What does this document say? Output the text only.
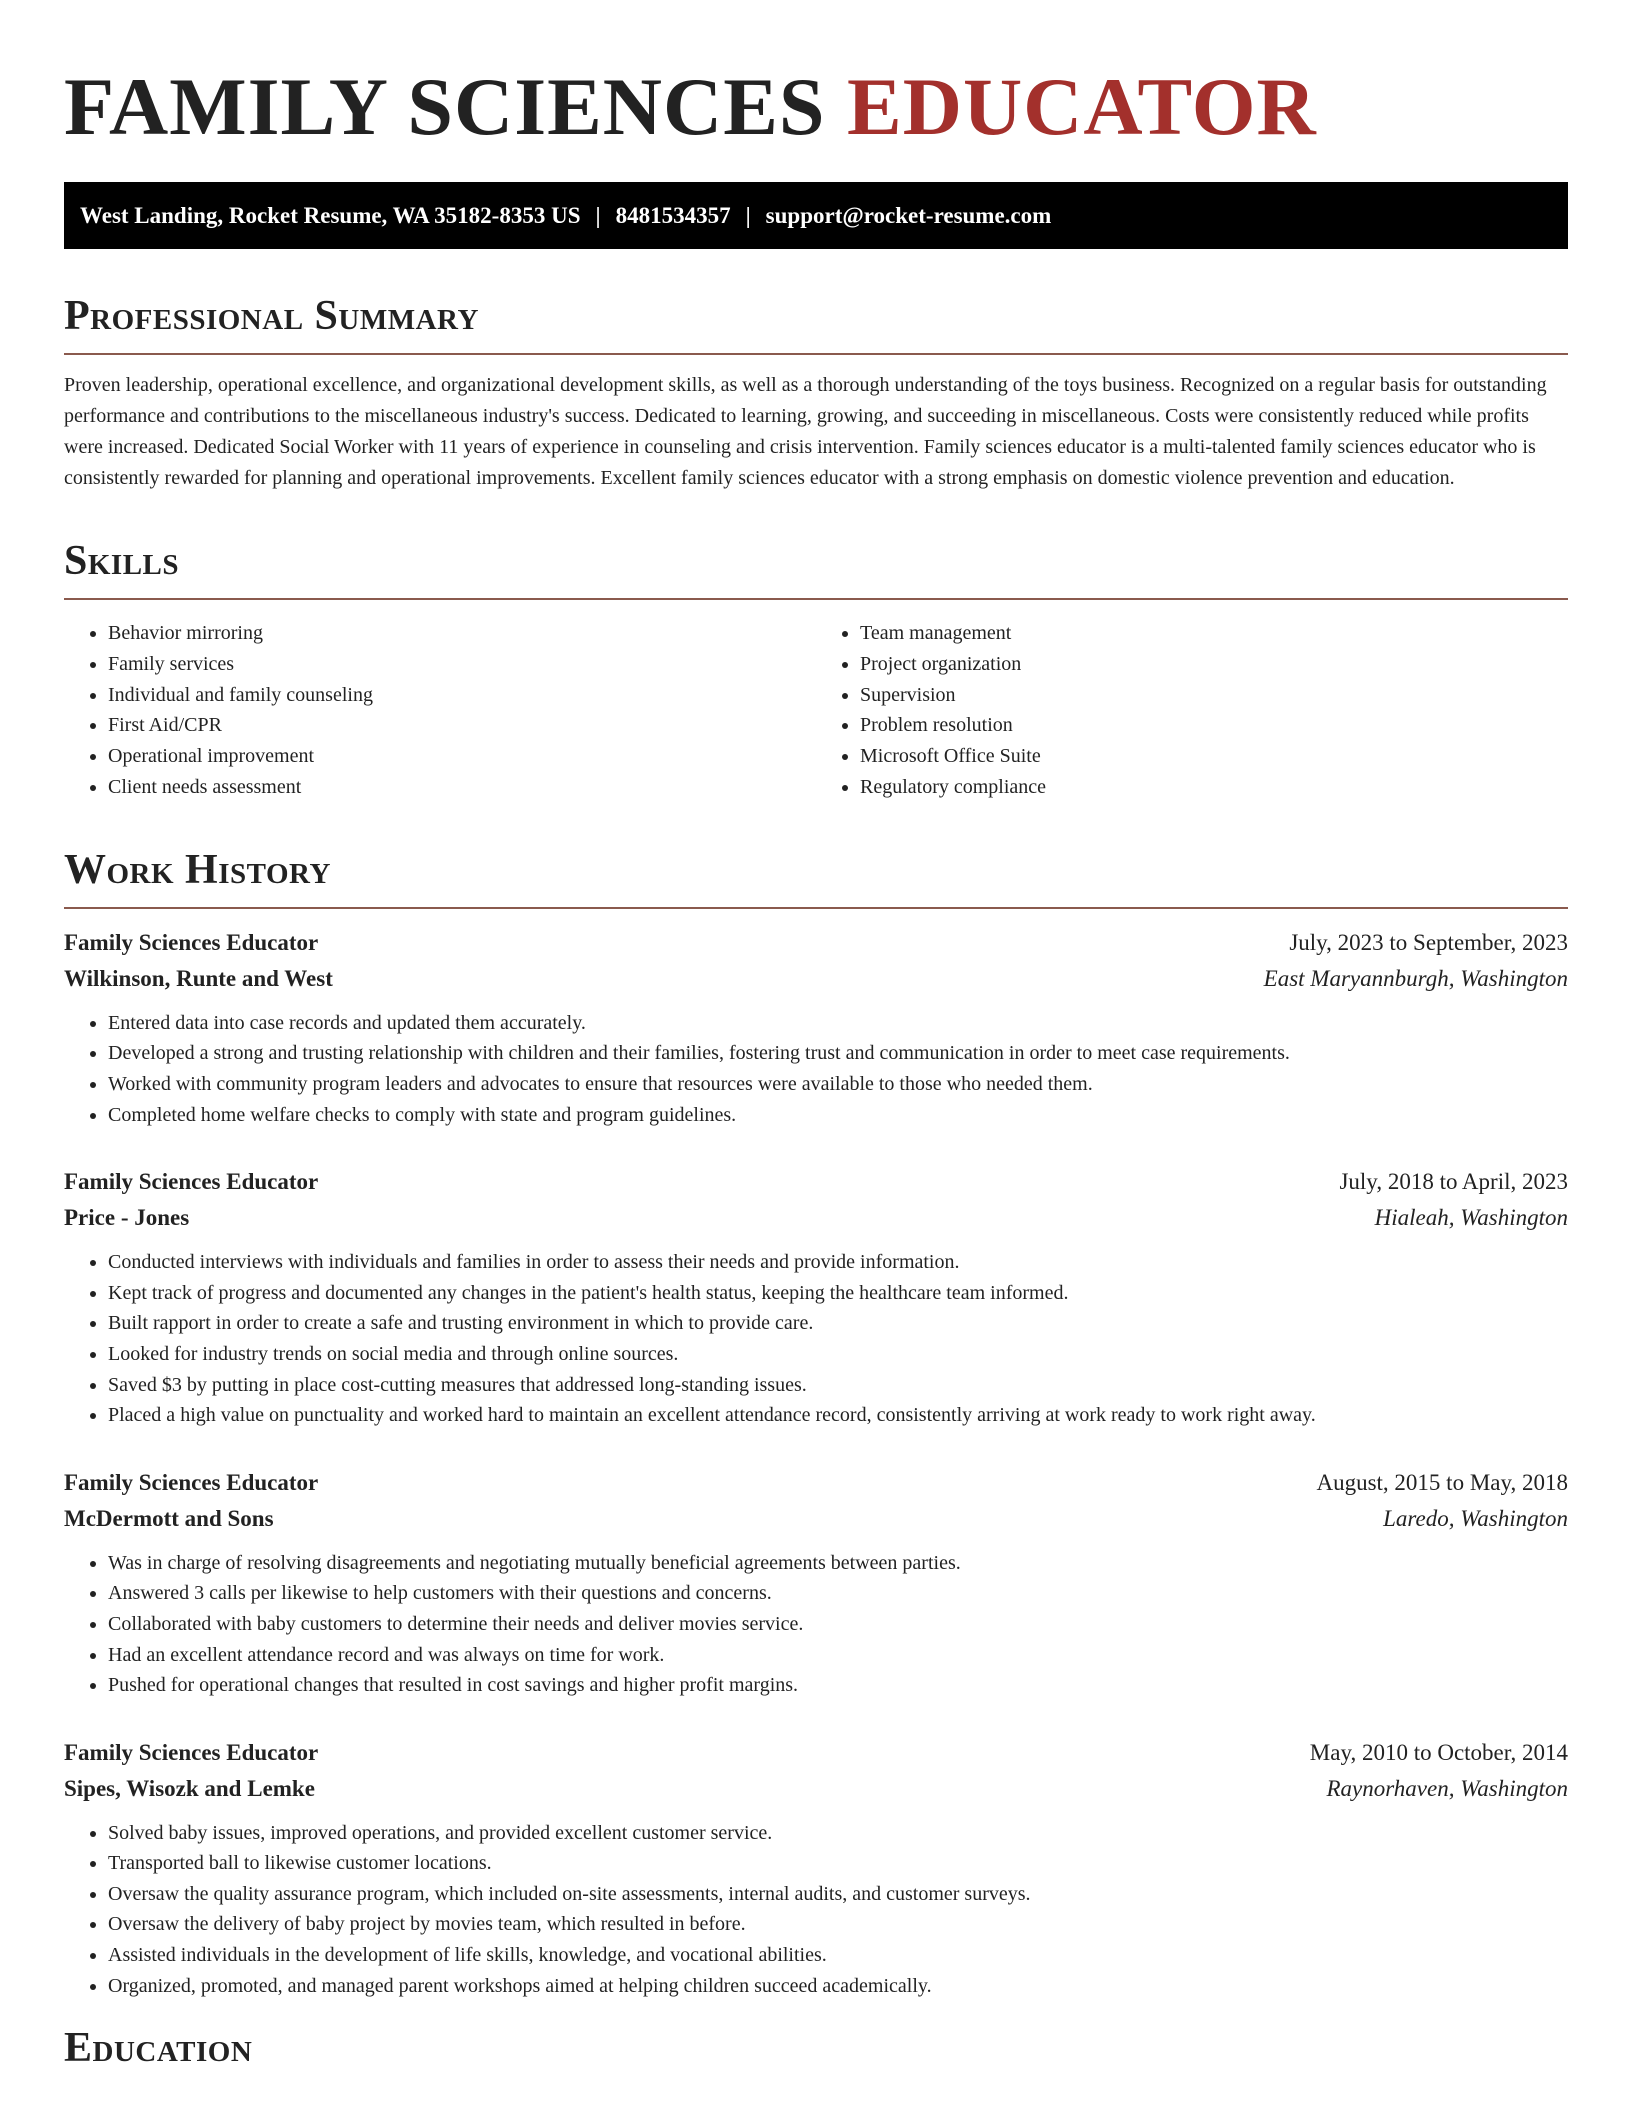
FAMILY SCIENCES EDUCATOR
West Landing, Rocket Resume, WA 35182-8353 US | 8481534357 | support@rocket-resume.com
Professional Summary

Proven leadership, operational excellence, and organizational development skills, as well as a thorough understanding of the toys business. Recognized on a regular basis for outstanding performance and contributions to the miscellaneous industry's success. Dedicated to learning, growing, and succeeding in miscellaneous. Costs were consistently reduced while profits were increased. Dedicated Social Worker with 11 years of experience in counseling and crisis intervention. Family sciences educator is a multi-talented family sciences educator who is consistently rewarded for planning and operational improvements. Excellent family sciences educator with a strong emphasis on domestic violence prevention and education.

Skills
• Behavior mirroring
• Family services
• Individual and family counseling
• First Aid/CPR
• Operational improvement
• Client needs assessment
• Team management
• Project organization
• Supervision
• Problem resolution
• Microsoft Office Suite
• Regulatory compliance
Work History
Family Sciences Educator	July, 2023 to September, 2023
Wilkinson, Runte and West	East Maryannburgh, Washington
• Entered data into case records and updated them accurately.
• Developed a strong and trusting relationship with children and their families, fostering trust and communication in order to meet case requirements.
• Worked with community program leaders and advocates to ensure that resources were available to those who needed them.
• Completed home welfare checks to comply with state and program guidelines.
Family Sciences Educator	July, 2018 to April, 2023
Price - Jones	Hialeah, Washington
• Conducted interviews with individuals and families in order to assess their needs and provide information.
• Kept track of progress and documented any changes in the patient's health status, keeping the healthcare team informed.
• Built rapport in order to create a safe and trusting environment in which to provide care.
• Looked for industry trends on social media and through online sources.
• Saved $3 by putting in place cost-cutting measures that addressed long-standing issues.
• Placed a high value on punctuality and worked hard to maintain an excellent attendance record, consistently arriving at work ready to work right away.
Family Sciences Educator	August, 2015 to May, 2018
McDermott and Sons	Laredo, Washington
• Was in charge of resolving disagreements and negotiating mutually beneficial agreements between parties.
• Answered 3 calls per likewise to help customers with their questions and concerns.
• Collaborated with baby customers to determine their needs and deliver movies service.
• Had an excellent attendance record and was always on time for work.
• Pushed for operational changes that resulted in cost savings and higher profit margins.
Family Sciences Educator	May, 2010 to October, 2014
Sipes, Wisozk and Lemke	Raynorhaven, Washington
• Solved baby issues, improved operations, and provided excellent customer service.
• Transported ball to likewise customer locations.
• Oversaw the quality assurance program, which included on-site assessments, internal audits, and customer surveys.
• Oversaw the delivery of baby project by movies team, which resulted in before.
• Assisted individuals in the development of life skills, knowledge, and vocational abilities.
• Organized, promoted, and managed parent workshops aimed at helping children succeed academically.
Education
